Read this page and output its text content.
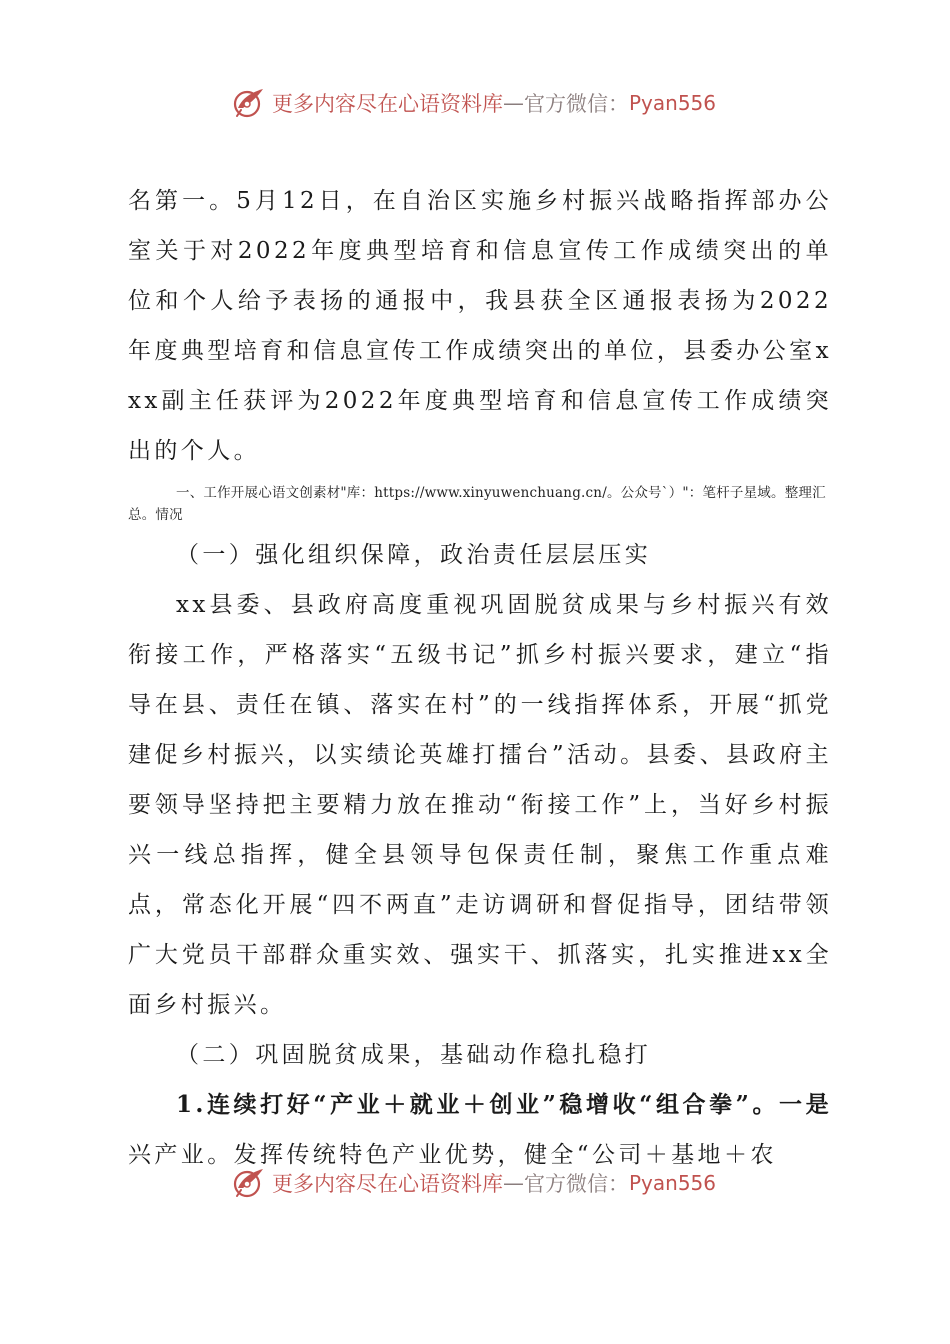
更多内容尽在心语资料库 — 官方微信： Pyan556

名第一。5月12日，在自治区实施乡村振兴战略指挥部办公室关于对2022年度典型培育和信息宣传工作成绩突出的单位和个人给予表扬的通报中，我县获全区通报表扬为2022年度典型培育和信息宣传工作成绩突出的单位，县委办公室xxx副主任获评为2022年度典型培育和信息宣传工作成绩突出的个人。

一、工作开展心语文创素材"库：https://www.xinyuwenchuang.cn/。公众号`）"：笔杆子星域。整理汇总。情况

（一）强化组织保障，政治责任层层压实

xx县委、县政府高度重视巩固脱贫成果与乡村振兴有效衔接工作，严格落实“五级书记”抓乡村振兴要求，建立“指导在县、责任在镇、落实在村”的一线指挥体系，开展“抓党建促乡村振兴，以实绩论英雄打擂台”活动。县委、县政府主要领导坚持把主要精力放在推动“衔接工作”上，当好乡村振兴一线总指挥，健全县领导包保责任制，聚焦工作重点难点，常态化开展“四不两直”走访调研和督促指导，团结带领广大党员干部群众重实效、强实干、抓落实，扎实推进xx全面乡村振兴。

（二）巩固脱贫成果，基础动作稳扎稳打

1.连续打好“产业＋就业＋创业”稳增收“组合拳”。一是兴产业。发挥传统特色产业优势，健全“公司＋基地＋农

更多内容尽在心语资料库 — 官方微信： Pyan556
